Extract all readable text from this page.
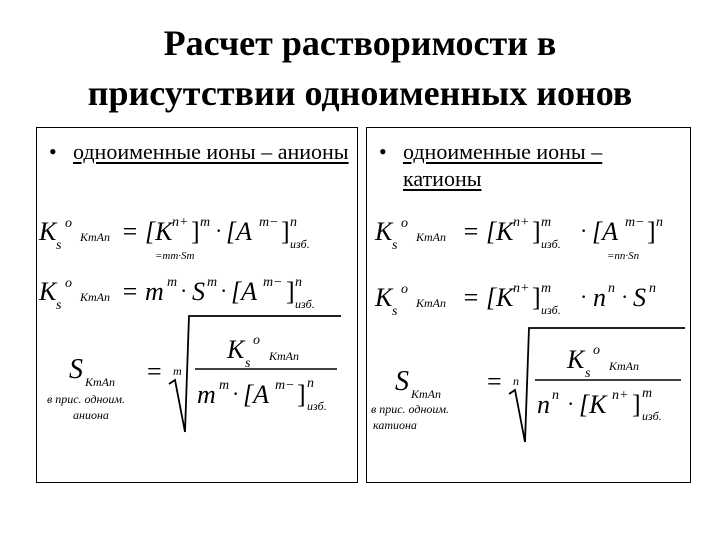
Расчет растворимости в
присутствии одноименных ионов
• одноименные ионы – анионы
K s
o
KmAn = [K n+ ] m · [A m− ] n
изб.
=mm·Sm
K s
o
KmAn = m m · S m · [A m− ] n
изб.
S KmAn
в прис. одноим.
аниона
= m
K s
o
KmAn
m m · [A m− ] n
изб.
• одноименные ионы – катионы
K s
o
KmAn = [K n+ ] m
изб.
· [A m− ] n
=nn·Sn
K s
o
KmAn = [K n+ ] m
изб.
· n n · S n
S KmAn
в прис. одноим.
катиона
= n
K s
o
KmAn
n n · [K n+ ] m
изб.
